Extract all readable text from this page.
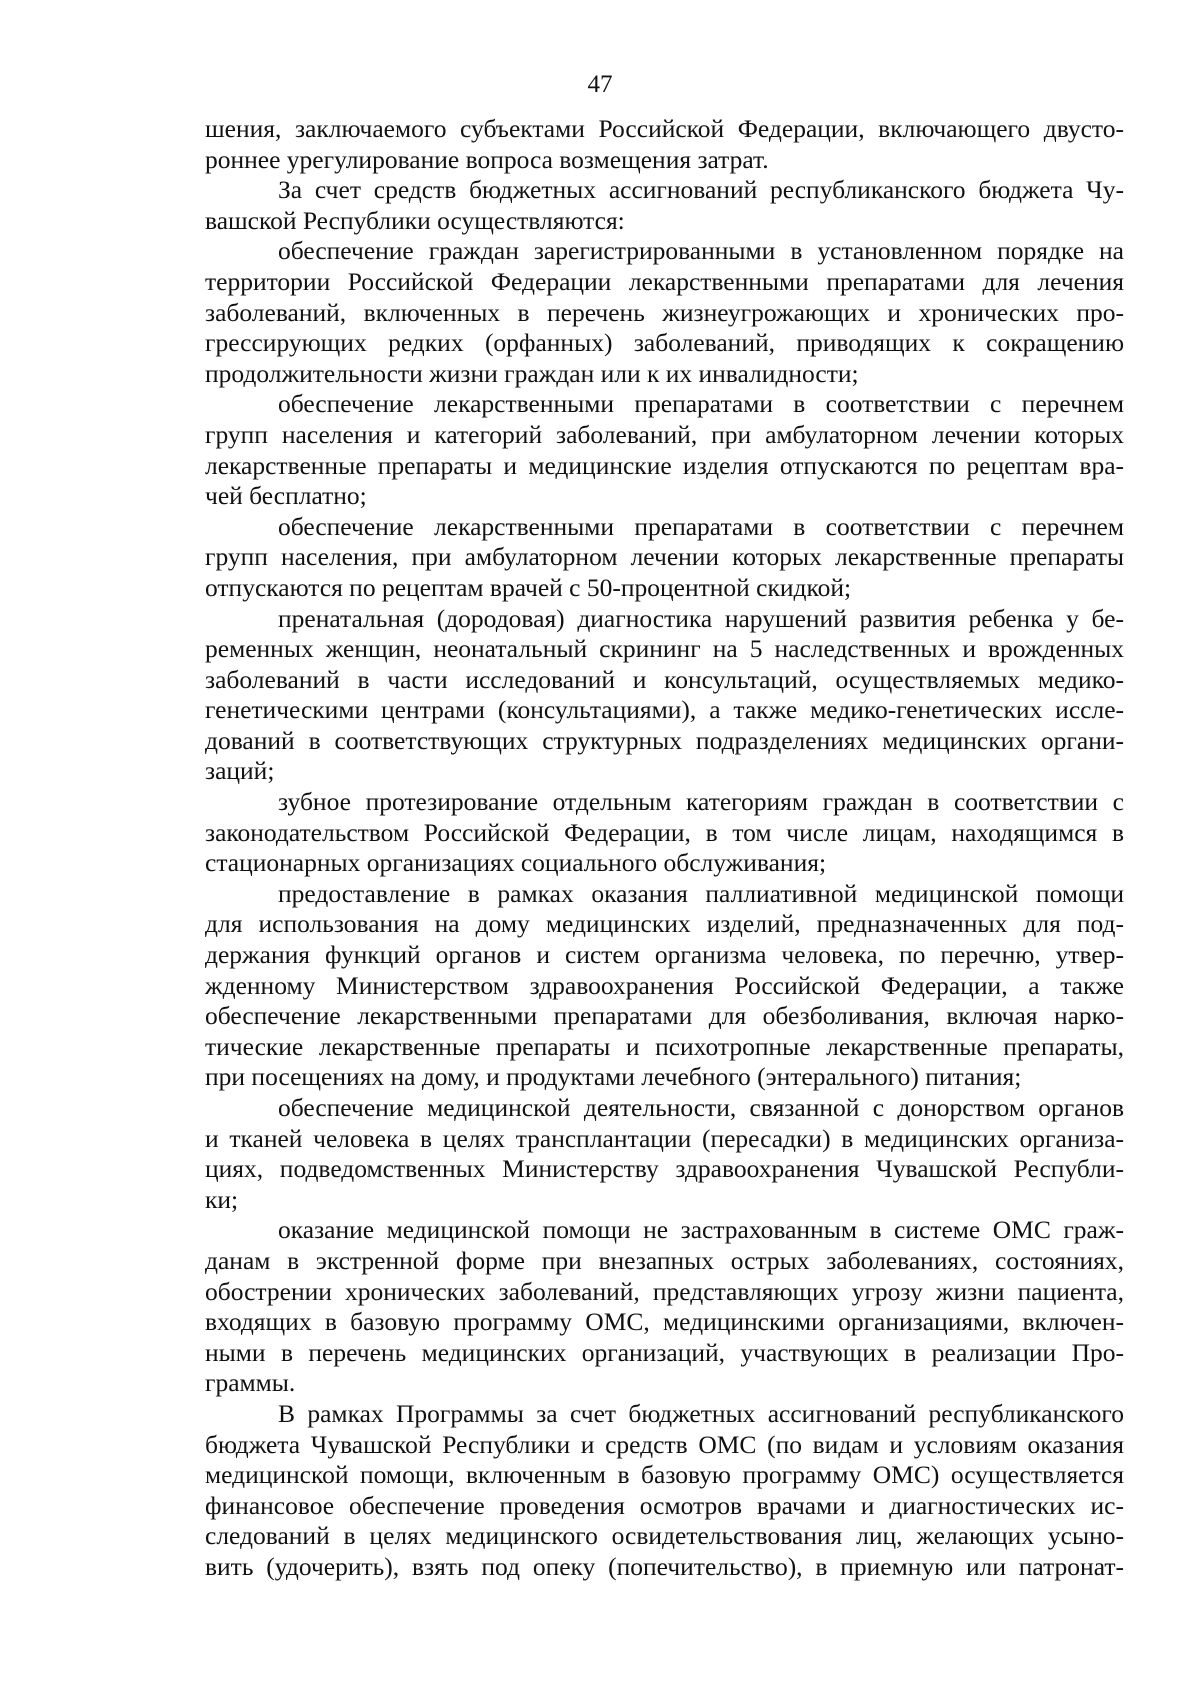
47
шения, заключаемого субъектами Российской Федерации, включающего двусто-
роннее урегулирование вопроса возмещения затрат.
За счет средств бюджетных ассигнований республиканского бюджета Чу-
вашской Республики осуществляются:
обеспечение граждан зарегистрированными в установленном порядке на
территории Российской Федерации лекарственными препаратами для лечения
заболеваний, включенных в перечень жизнеугрожающих и хронических про-
грессирующих редких (орфанных) заболеваний, приводящих к сокращению
продолжительности жизни граждан или к их инвалидности;
обеспечение лекарственными препаратами в соответствии с перечнем
групп населения и категорий заболеваний, при амбулаторном лечении которых
лекарственные препараты и медицинские изделия отпускаются по рецептам вра-
чей бесплатно;
обеспечение лекарственными препаратами в соответствии с перечнем
групп населения, при амбулаторном лечении которых лекарственные препараты
отпускаются по рецептам врачей с 50-процентной скидкой;
пренатальная (дородовая) диагностика нарушений развития ребенка у бе-
ременных женщин, неонатальный скрининг на 5 наследственных и врожденных
заболеваний в части исследований и консультаций, осуществляемых медико-
генетическими центрами (консультациями), а также медико-генетических иссле-
дований в соответствующих структурных подразделениях медицинских органи-
заций;
зубное протезирование отдельным категориям граждан в соответствии с
законодательством Российской Федерации, в том числе лицам, находящимся в
стационарных организациях социального обслуживания;
предоставление в рамках оказания паллиативной медицинской помощи
для использования на дому медицинских изделий, предназначенных для под-
держания функций органов и систем организма человека, по перечню, утвер-
жденному Министерством здравоохранения Российской Федерации, а также
обеспечение лекарственными препаратами для обезболивания, включая нарко-
тические лекарственные препараты и психотропные лекарственные препараты,
при посещениях на дому, и продуктами лечебного (энтерального) питания;
обеспечение медицинской деятельности, связанной с донорством органов
и тканей человека в целях трансплантации (пересадки) в медицинских организа-
циях, подведомственных Министерству здравоохранения Чувашской Республи-
ки;
оказание медицинской помощи не застрахованным в системе ОМС граж-
данам в экстренной форме при внезапных острых заболеваниях, состояниях,
обострении хронических заболеваний, представляющих угрозу жизни пациента,
входящих в базовую программу ОМС, медицинскими организациями, включен-
ными в перечень медицинских организаций, участвующих в реализации Про-
граммы.
В рамках Программы за счет бюджетных ассигнований республиканского
бюджета Чувашской Республики и средств ОМС (по видам и условиям оказания
медицинской помощи, включенным в базовую программу ОМС) осуществляется
финансовое обеспечение проведения осмотров врачами и диагностических ис-
следований в целях медицинского освидетельствования лиц, желающих усыно-
вить (удочерить), взять под опеку (попечительство), в приемную или патронат-
